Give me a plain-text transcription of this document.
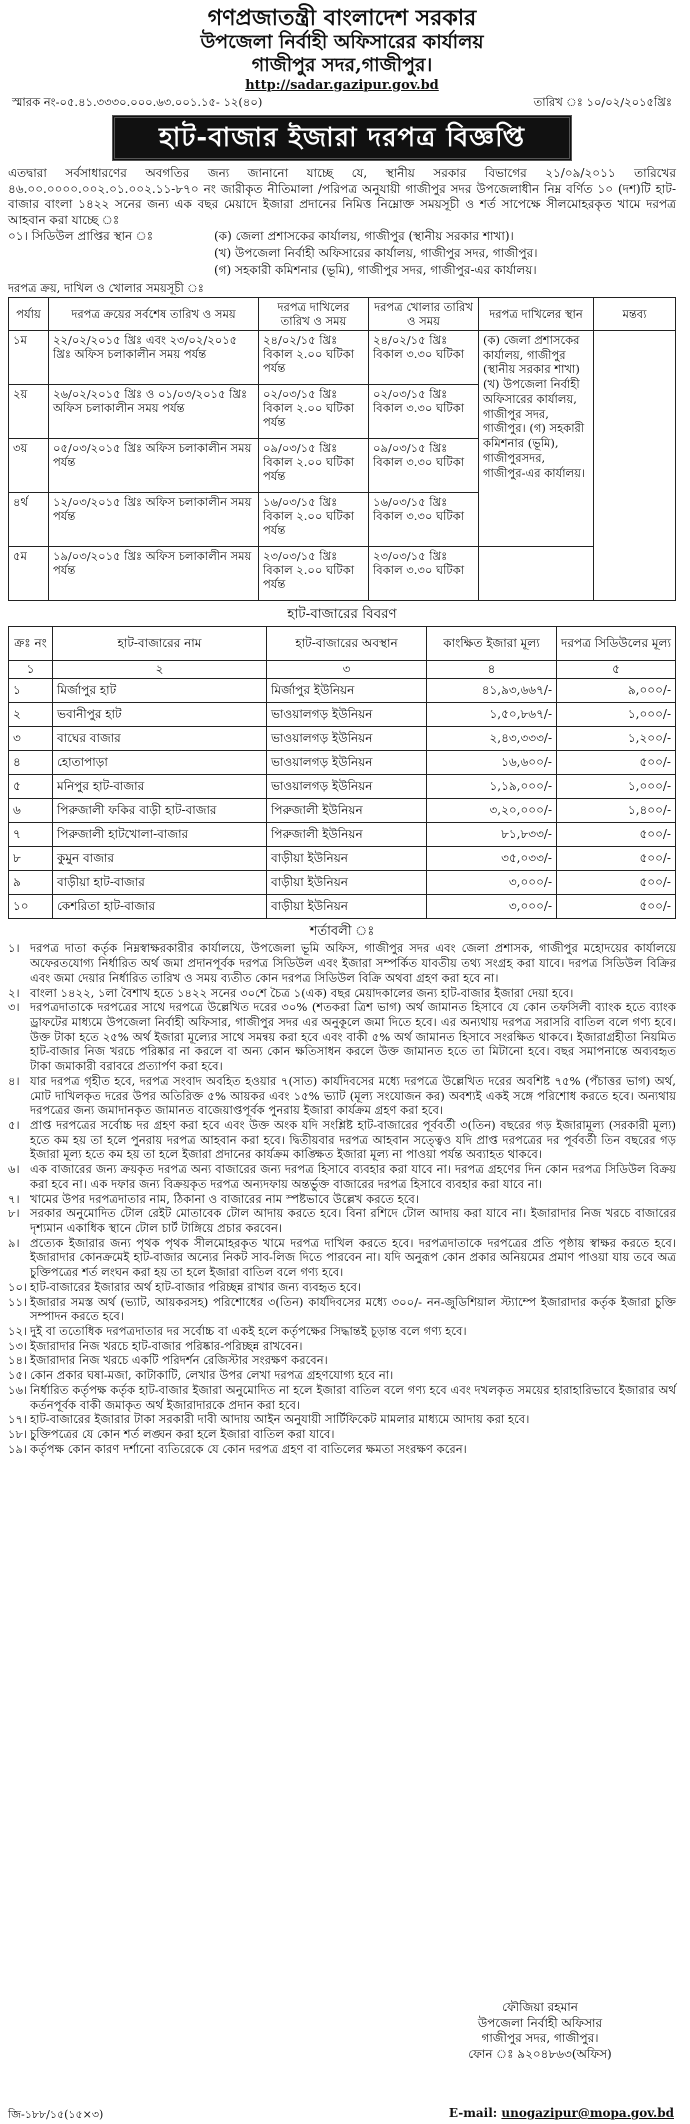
গণপ্রজাতন্ত্রী বাংলাদেশ সরকার
উপজেলা নির্বাহী অফিসারের কার্যালয়
গাজীপুর সদর,গাজীপুর।
http://sadar.gazipur.gov.bd
স্মারক নং-০৫.৪১.৩৩৩০.০০০.৬৩.০০১.১৫- ১২(৪০)	তারিখ ঃ ১০/০২/২০১৫খ্রিঃ
হাট-বাজার ইজারা দরপত্র বিজ্ঞপ্তি

এতদ্বারা সর্বসাধারণের অবগতির জন্য জানানো যাচ্ছে যে, স্থানীয় সরকার বিভাগের ২১/০৯/২০১১ তারিখের ৪৬.০০.০০০০.০০২.০১.০০২.১১-৮৭০ নং জারীকৃত নীতিমালা /পরিপত্র অনুযায়ী গাজীপুর সদর উপজেলাধীন নিম্ন বর্ণিত ১০ (দশ)টি হাট-বাজার বাংলা ১৪২২ সনের জন্য এক বছর মেয়াদে ইজারা প্রদানের নিমিত্ত নিম্নোক্ত সময়সূচী ও শর্ত সাপেক্ষে সীলমোহরকৃত খামে দরপত্র আহবান করা যাচ্ছে ঃ

০১। সিডিউল প্রাপ্তির স্থান ঃ	(ক) জেলা প্রশাসকের কার্যালয়, গাজীপুর (স্থানীয় সরকার শাখা)।
(খ) উপজেলা নির্বাহী অফিসারের কার্যালয়, গাজীপুর সদর, গাজীপুর।
(গ) সহকারী কমিশনার (ভূমি), গাজীপুর সদর, গাজীপুর-এর কার্যালয়।
দরপত্র ক্রয়, দাখিল ও খোলার সময়সূচী ঃ
পর্যায়	দরপত্র ক্রয়ের সর্বশেষ তারিখ ও সময়	দরপত্র দাখিলের তারিখ ও সময়	দরপত্র খোলার তারিখ ও সময়	দরপত্র দাখিলের স্থান	মন্তব্য
১ম	২২/০২/২০১৫ খ্রিঃ এবং ২৩/০২/২০১৫ খ্রিঃ অফিস চলাকালীন সময় পর্যন্ত	২৪/০২/১৫ খ্রিঃ বিকাল ২.০০ ঘটিকা পর্যন্ত	২৪/০২/১৫ খ্রিঃ বিকাল ৩.৩০ ঘটিকা	(ক) জেলা প্রশাসকের কার্যালয়, গাজীপুর (স্থানীয় সরকার শাখা) (খ) উপজেলা নির্বাহী অফিসারের কার্যালয়, গাজীপুর সদর, গাজীপুর। (গ) সহকারী কমিশনার (ভূমি), গাজীপুরসদর, গাজীপুর-এর কার্যালয়।	
২য়	২৬/০২/২০১৫ খ্রিঃ ও ০১/০৩/২০১৫ খ্রিঃ অফিস চলাকালীন সময় পর্যন্ত	০২/০৩/১৫ খ্রিঃ বিকাল ২.০০ ঘটিকা পর্যন্ত	০২/০৩/১৫ খ্রিঃ বিকাল ৩.৩০ ঘটিকা		
৩য়	০৫/০৩/২০১৫ খ্রিঃ অফিস চলাকালীন সময় পর্যন্ত	০৯/০৩/১৫ খ্রিঃ বিকাল ২.০০ ঘটিকা পর্যন্ত	০৯/০৩/১৫ খ্রিঃ বিকাল ৩.৩০ ঘটিকা		
৪র্থ	১২/০৩/২০১৫ খ্রিঃ অফিস চলাকালীন সময় পর্যন্ত	১৬/০৩/১৫ খ্রিঃ বিকাল ২.০০ ঘটিকা পর্যন্ত	১৬/০৩/১৫ খ্রিঃ বিকাল ৩.৩০ ঘটিকা		
৫ম	১৯/০৩/২০১৫ খ্রিঃ অফিস চলাকালীন সময় পর্যন্ত	২৩/০৩/১৫ খ্রিঃ বিকাল ২.০০ ঘটিকা পর্যন্ত	২৩/০৩/১৫ খ্রিঃ বিকাল ৩.৩০ ঘটিকা		
হাট-বাজারের বিবরণ
ক্রঃ নং	হাট-বাজারের নাম	হাট-বাজারের অবস্থান	কাংক্ষিত ইজারা মূল্য	দরপত্র সিডিউলের মূল্য
১	২	৩	৪	৫
১	মির্জাপুর হাট	মির্জাপুর ইউনিয়ন	৪১,৯৩,৬৬৭/-	৯,০০০/-
২	ভবানীপুর হাট	ভাওয়ালগড় ইউনিয়ন	১,৫০,৮৬৭/-	১,০০০/-
৩	বাঘের বাজার	ভাওয়ালগড় ইউনিয়ন	২,৪৩,৩৩৩/-	১,২০০/-
৪	হোতাপাড়া	ভাওয়ালগড় ইউনিয়ন	১৬,৬০০/-	৫০০/-
৫	মনিপুর হাট-বাজার	ভাওয়ালগড় ইউনিয়ন	১,১৯,০০০/-	১,০০০/-
৬	পিরুজালী ফকির বাড়ী হাট-বাজার	পিরুজালী ইউনিয়ন	৩,২০,০০০/-	১,৪০০/-
৭	পিরুজালী হাটখোলা-বাজার	পিরুজালী ইউনিয়ন	৮১,৮৩৩/-	৫০০/-
৮	কুমুন বাজার	বাড়ীয়া ইউনিয়ন	৩৫,০৩৩/-	৫০০/-
৯	বাড়ীয়া হাট-বাজার	বাড়ীয়া ইউনিয়ন	৩,০০০/-	৫০০/-
১০	কেশরিতা হাট-বাজার	বাড়ীয়া ইউনিয়ন	৩,০০০/-	৫০০/-
শর্তাবলী ঃ
১। দরপত্র দাতা কর্তৃক নিম্নস্বাক্ষরকারীর কার্যালয়ে, উপজেলা ভূমি অফিস, গাজীপুর সদর এবং জেলা প্রশাসক, গাজীপুর মহোদয়ের কার্যালয়ে অফেরতযোগ্য নির্ধারিত অর্থ জমা প্রদানপূর্বক দরপত্র সিডিউল এবং ইজারা সম্পর্কিত যাবতীয় তথ্য সংগ্রহ করা যাবে। দরপত্র সিডিউল বিক্রির এবং জমা দেয়ার নির্ধারিত তারিখ ও সময় ব্যতীত কোন দরপত্র সিডিউল বিক্রি অথবা গ্রহণ করা হবে না।
২। বাংলা ১৪২২, ১লা বৈশাখ হতে ১৪২২ সনের ৩০শে চৈত্র ১(এক) বছর মেয়াদকালের জন্য হাট-বাজার ইজারা দেয়া হবে।
৩। দরপত্রদাতাকে দরপত্রের সাথে দরপত্রে উল্লেখিত দরের ৩০% (শতকরা ত্রিশ ভাগ) অর্থ জামানত হিসাবে যে কোন তফসিলী ব্যাংক হতে ব্যাংক ড্রাফটের মাধ্যমে উপজেলা নির্বাহী অফিসার, গাজীপুর সদর এর অনুকূলে জমা দিতে হবে। এর অন্যথায় দরপত্র সরাসরি বাতিল বলে গণ্য হবে। উক্ত টাকা হতে ২৫% অর্থ ইজারা মূল্যের সাথে সমন্বয় করা হবে এবং বাকী ৫% অর্থ জামানত হিসাবে সংরক্ষিত থাকবে। ইজারাগ্রহীতা নিয়মিত হাট-বাজার নিজ খরচে পরিষ্কার না করলে বা অন্য কোন ক্ষতিসাধন করলে উক্ত জামানত হতে তা মিটানো হবে। বছর সমাপনান্তে অব্যবহৃত টাকা জমাকারী বরাবরে প্রত্যার্পণ করা হবে।
৪। যার দরপত্র গৃহীত হবে, দরপত্র সংবাদ অবহিত হওয়ার ৭(সাত) কার্যদিবসের মধ্যে দরপত্রে উল্লেখিত দরের অবশিষ্ট ৭৫% (পঁচাত্তর ভাগ) অর্থ, মোট দাখিলকৃত দরের উপর অতিরিক্ত ৫% আয়কর এবং ১৫% ভ্যাট (মূল্য সংযোজন কর) অবশ্যই একই সঙ্গে পরিশোধ করতে হবে। অন্যথায় দরপত্রের জন্য জমাদানকৃত জামানত বাজেয়াপ্তপূর্বক পুনরায় ইজারা কার্যক্রম গ্রহণ করা হবে।
৫। প্রাপ্ত দরপত্রের সর্বোচ্চ দর গ্রহণ করা হবে এবং উক্ত অংক যদি সংশ্লিষ্ট হাট-বাজারের পূর্ববর্তী ৩(তিন) বছরের গড় ইজারামূল্য (সরকারী মূল্য) হতে কম হয় তা হলে পুনরায় দরপত্র আহবান করা হবে। দ্বিতীয়বার দরপত্র আহবান সত্ত্বেও যদি প্রাপ্ত দরপত্রের দর পূর্ববর্তী তিন বছরের গড় ইজারা মূল্য হতে কম হয় তা হলে ইজারা প্রদানের কার্যক্রম কাঙ্ক্ষিত ইজারা মূল্য না পাওয়া পর্যন্ত অব্যাহত থাকবে।
৬। এক বাজারের জন্য ক্রয়কৃত দরপত্র অন্য বাজারের জন্য দরপত্র হিসাবে ব্যবহার করা যাবে না। দরপত্র গ্রহণের দিন কোন দরপত্র সিডিউল বিক্রয় করা হবে না। এক দফার জন্য বিক্রয়কৃত দরপত্র অন্যদফায় অন্তর্ভুক্ত বাজারের দরপত্র হিসাবে ব্যবহার করা যাবে না।
৭। খামের উপর দরপত্রদাতার নাম, ঠিকানা ও বাজারের নাম স্পষ্টভাবে উল্লেখ করতে হবে।
৮। সরকার অনুমোদিত টোল রেইট মোতাবেক টোল আদায় করতে হবে। বিনা রশিদে টোল আদায় করা যাবে না। ইজারাদার নিজ খরচে বাজারের দৃশ্যমান একাধিক স্থানে টোল চার্ট টাঙ্গিয়ে প্রচার করবেন।
৯। প্রত্যেক ইজারার জন্য পৃথক পৃথক সীলমোহরকৃত খামে দরপত্র দাখিল করতে হবে। দরপত্রদাতাকে দরপত্রের প্রতি পৃষ্ঠায় স্বাক্ষর করতে হবে। ইজারাদার কোনক্রমেই হাট-বাজার অন্যের নিকট সাব-লিজ দিতে পারবেন না। যদি অনুরূপ কোন প্রকার অনিয়মের প্রমাণ পাওয়া যায় তবে অত্র চুক্তিপত্রের শর্ত লংঘন করা হয় তা হলে ইজারা বাতিল বলে গণ্য হবে।
১০। হাট-বাজারের ইজারার অর্থ হাট-বাজার পরিচ্ছন্ন রাখার জন্য ব্যবহৃত হবে।
১১। ইজারার সমস্ত অর্থ (ভ্যাট, আয়করসহ) পরিশোধের ৩(তিন) কার্যদিবসের মধ্যে ৩০০/- নন-জুডিশিয়াল স্ট্যাম্পে ইজারাদার কর্তৃক ইজারা চুক্তি সম্পাদন করতে হবে।
১২। দুই বা ততোধিক দরপত্রদাতার দর সর্বোচ্চ বা একই হলে কর্তৃপক্ষের সিদ্ধান্তই চূড়ান্ত বলে গণ্য হবে।
১৩। ইজারাদার নিজ খরচে হাট-বাজার পরিষ্কার-পরিচ্ছন্ন রাখবেন।
১৪। ইজারাদার নিজ খরচে একটি পরিদর্শন রেজিস্টার সংরক্ষণ করবেন।
১৫। কোন প্রকার ঘষা-মজা, কাটাকাটি, লেখার উপর লেখা দরপত্র গ্রহণযোগ্য হবে না।
১৬। নির্ধারিত কর্তৃপক্ষ কর্তৃক হাট-বাজার ইজারা অনুমোদিত না হলে ইজারা বাতিল বলে গণ্য হবে এবং দখলকৃত সময়ের হারাহারিভাবে ইজারার অর্থ কর্তনপূর্বক বাকী জমাকৃত অর্থ ইজারাদারকে প্রদান করা হবে।
১৭। হাট-বাজারের ইজারার টাকা সরকারী দাবী আদায় আইন অনুযায়ী সার্টিফিকেট মামলার মাধ্যমে আদায় করা হবে।
১৮। চুক্তিপত্রের যে কোন শর্ত লঙ্ঘন করা হলে ইজারা বাতিল করা যাবে।
১৯। কর্তৃপক্ষ কোন কারণ দর্শানো ব্যতিরেকে যে কোন দরপত্র গ্রহণ বা বাতিলের ক্ষমতা সংরক্ষণ করেন।
ফৌজিয়া রহমান
উপজেলা নির্বাহী অফিসার
গাজীপুর সদর, গাজীপুর।
ফোন ঃ ৯২০৪৮৬৩(অফিস)
জি-১৮৮/১৫(১৫×৩)	E-mail: unogazipur@mopa.gov.bd
